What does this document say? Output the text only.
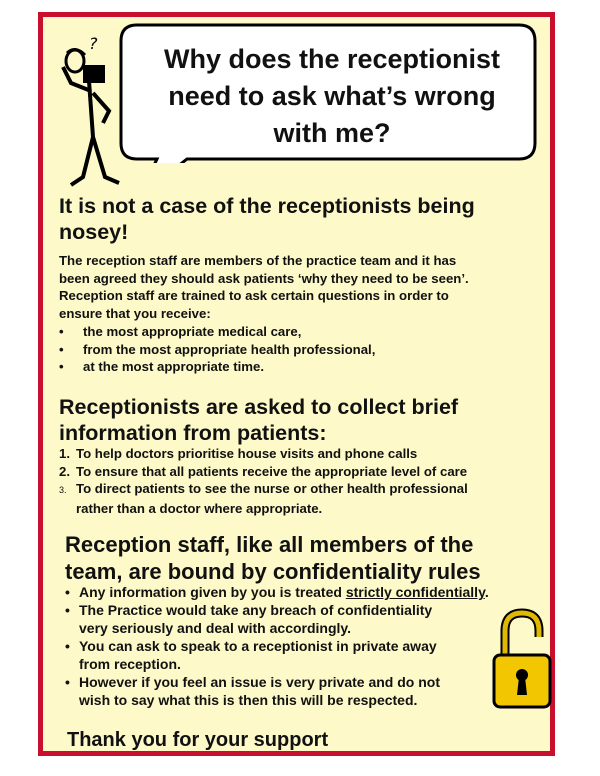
?
Why does the receptionist
need to ask what’s wrong
with me?
It is not a case of the receptionists being
nosey!
The reception staff are members of the practice team and it has
been agreed they should ask patients ‘why they need to be seen’.
Reception staff are trained to ask certain questions in order to
ensure that you receive:
•	the most appropriate medical care,
•	from the most appropriate health professional,
•	at the most appropriate time.
Receptionists are asked to collect brief
information from patients:
1. To help doctors prioritise house visits and phone calls
2. To ensure that all patients receive the appropriate level of care
3. To direct patients to see the nurse or other health professional
rather than a doctor where appropriate.
Reception staff, like all members of the
team, are bound by confidentiality rules
• Any information given by you is treated strictly confidentially.
• The Practice would take any breach of confidentiality
very seriously and deal with accordingly.
• You can ask to speak to a receptionist in private away
from reception.
• However if you feel an issue is very private and do not
wish to say what this is then this will be respected.
Thank you for your support
